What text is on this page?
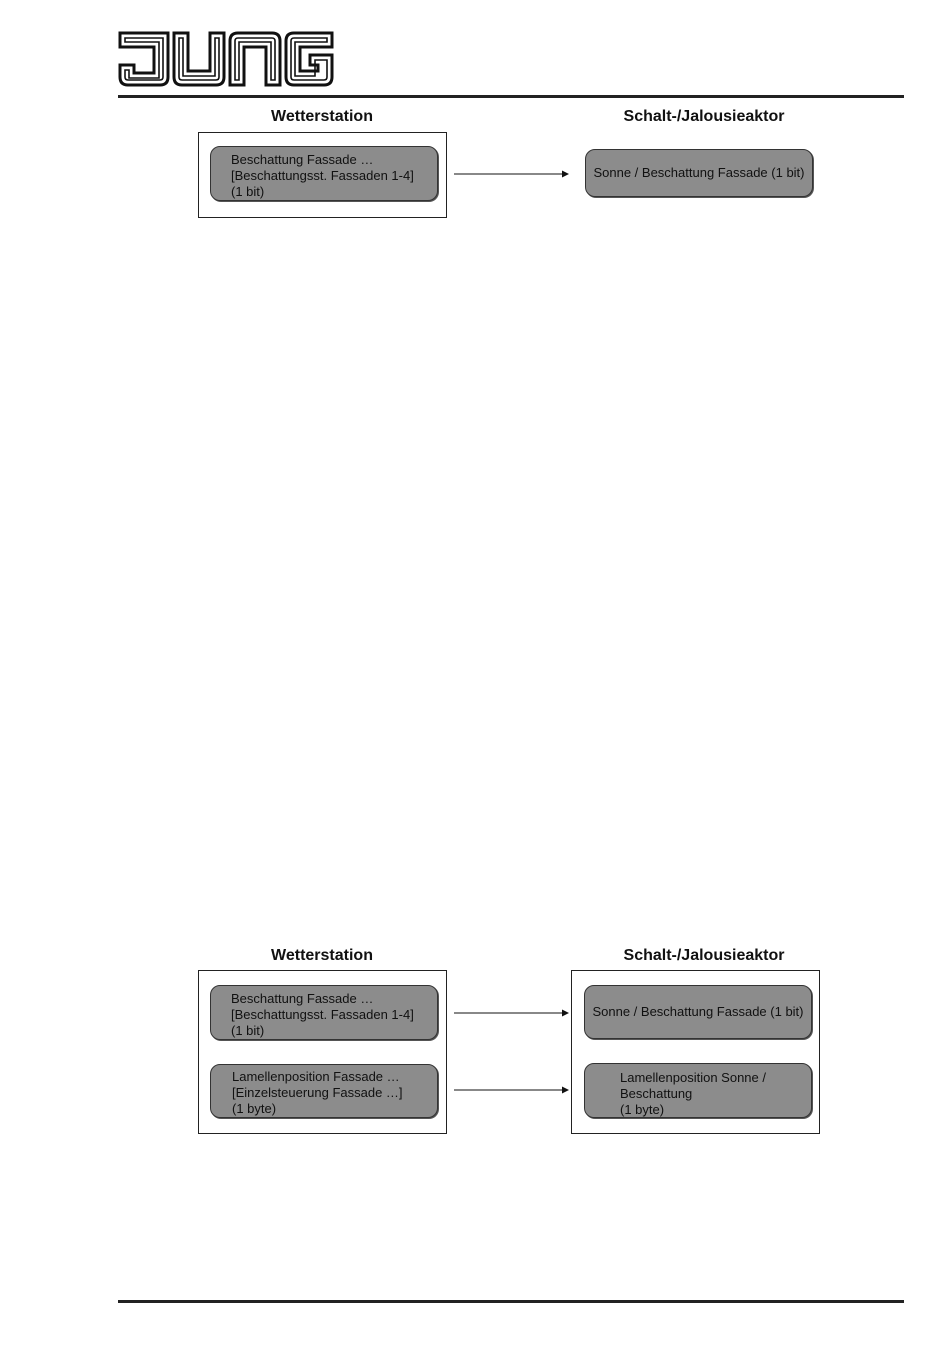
Wetterstation	Schalt-/Jalousieaktor
Beschattung Fassade …
[Beschattungsst. Fassaden 1-4]
(1 bit)
Sonne / Beschattung Fassade (1 bit)
Wetterstation	Schalt-/Jalousieaktor
Beschattung Fassade …
[Beschattungsst. Fassaden 1-4]
(1 bit)
Sonne / Beschattung Fassade (1 bit)
Lamellenposition Fassade …
[Einzelsteuerung Fassade …]
(1 byte)
Lamellenposition Sonne /
Beschattung
(1 byte)
